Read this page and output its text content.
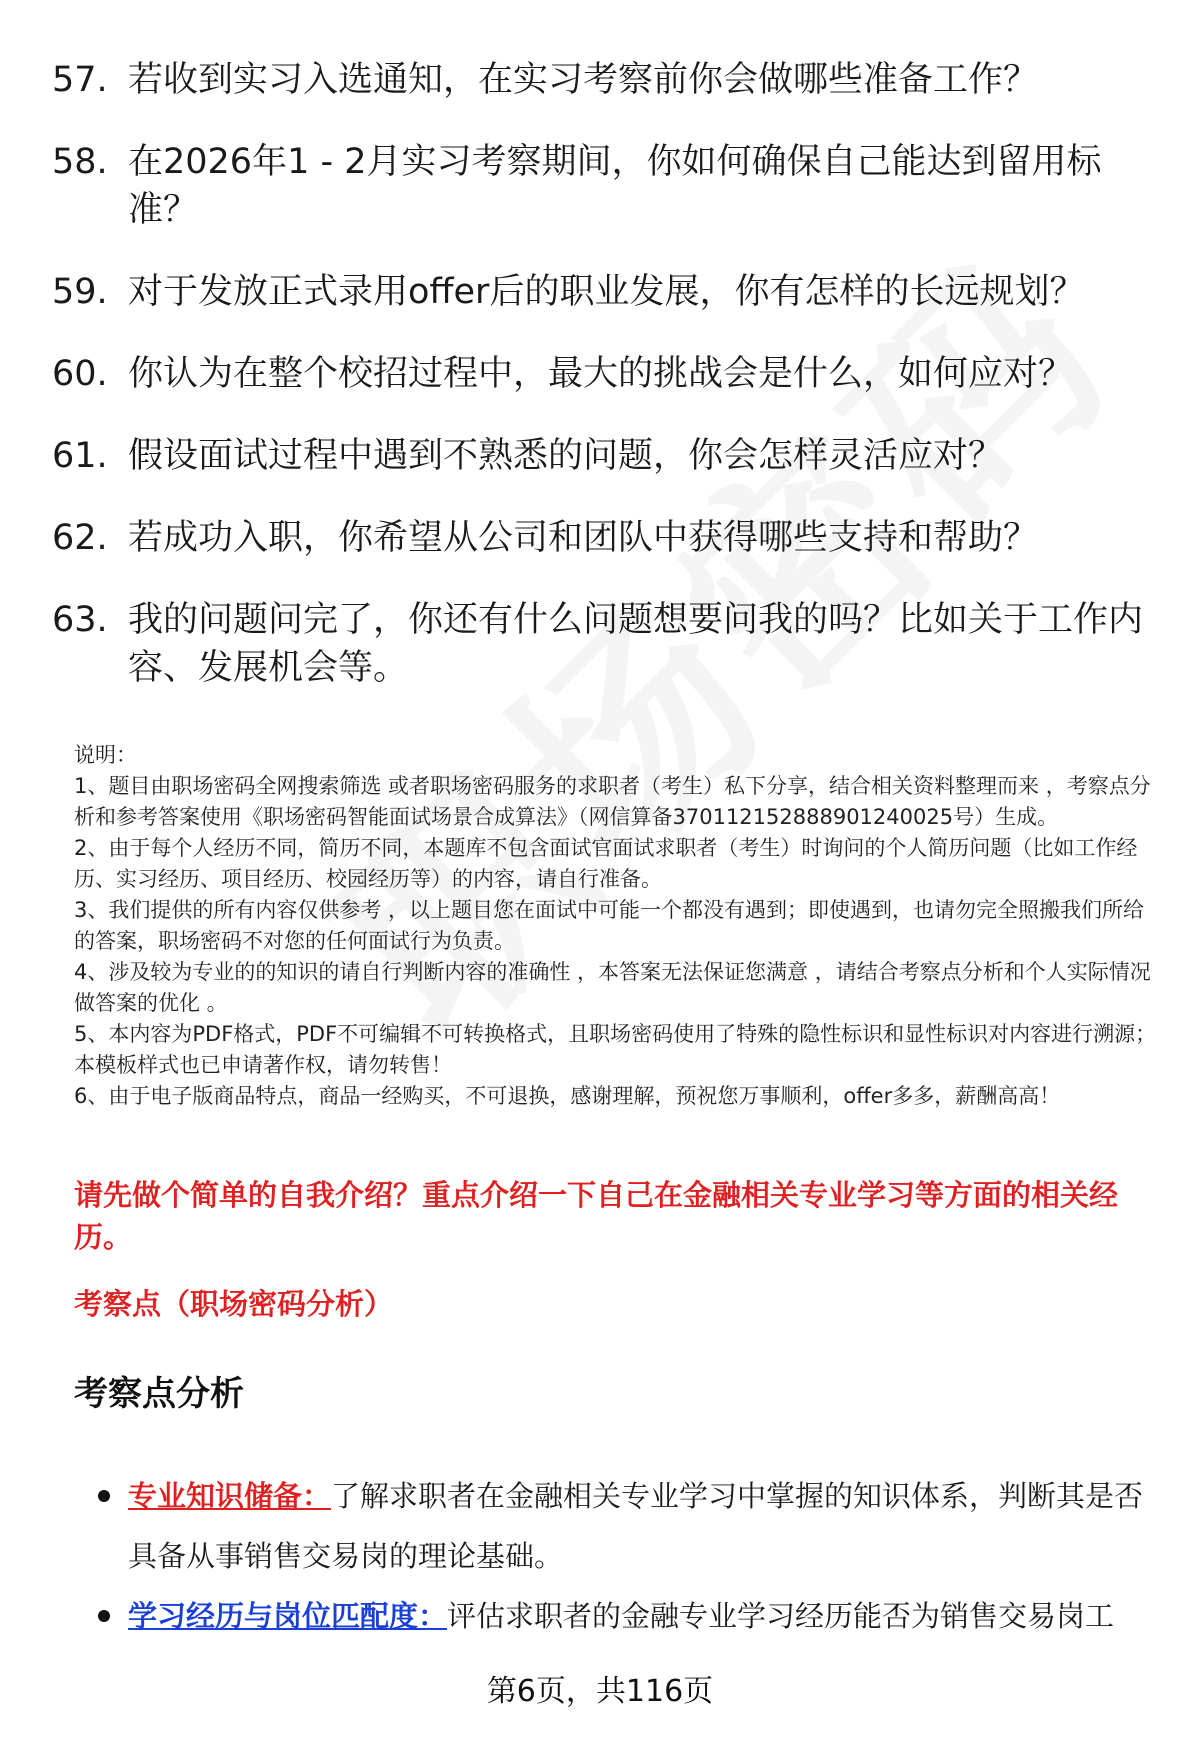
57. 若收到实习入选通知，在实习考察前你会做哪些准备工作？
58. 在2026年1 - 2月实习考察期间，你如何确保自己能达到留用标准？
59. 对于发放正式录用offer后的职业发展，你有怎样的长远规划？
60. 你认为在整个校招过程中，最大的挑战会是什么，如何应对？
61. 假设面试过程中遇到不熟悉的问题，你会怎样灵活应对？
62. 若成功入职，你希望从公司和团队中获得哪些支持和帮助？
63. 我的问题问完了，你还有什么问题想要问我的吗？比如关于工作内容、发展机会等。

说明：

1、题目由职场密码全网搜索筛选 或者职场密码服务的求职者（考生）私下分享，结合相关资料整理而来 ，考察点分析和参考答案使用《职场密码智能面试场景合成算法》（网信算备370112152888901240025号）生成。

2、由于每个人经历不同，简历不同，本题库不包含面试官面试求职者（考生）时询问的个人简历问题（比如工作经历、实习经历、项目经历、校园经历等）的内容，请自行准备。

3、我们提供的所有内容仅供参考 ，以上题目您在面试中可能一个都没有遇到；即使遇到，也请勿完全照搬我们所给的答案，职场密码不对您的任何面试行为负责。

4、涉及较为专业的的知识的请自行判断内容的准确性 ，本答案无法保证您满意 ，请结合考察点分析和个人实际情况做答案的优化 。

5、本内容为PDF格式，PDF不可编辑不可转换格式，且职场密码使用了特殊的隐性标识和显性标识对内容进行溯源；本模板样式也已申请著作权，请勿转售！

6、由于电子版商品特点，商品一经购买，不可退换，感谢理解，预祝您万事顺利，offer多多，薪酬高高！

请先做个简单的自我介绍？重点介绍一下自己在金融相关专业学习等方面的相关经历。
考察点（职场密码分析）
考察点分析
专业知识储备：了解求职者在金融相关专业学习中掌握的知识体系，判断其是否具备从事销售交易岗的理论基础。
学习经历与岗位匹配度：评估求职者的金融专业学习经历能否为销售交易岗工
第6页，共116页
